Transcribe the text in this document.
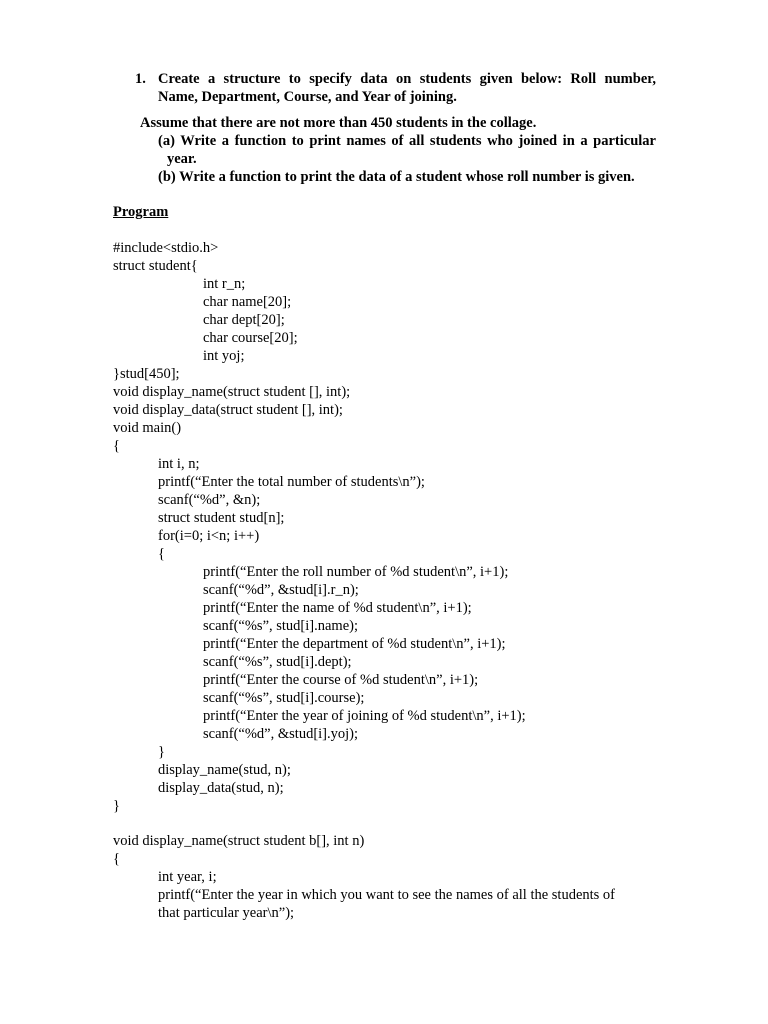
1. Create a structure to specify data on students given below: Roll number,
Name, Department, Course, and Year of joining.
Assume that there are not more than 450 students in the collage.
(a) Write a function to print names of all students who joined in a particular
year.
(b) Write a function to print the data of a student whose roll number is given.
Program
#include<stdio.h>
struct student{
int r_n;
char name[20];
char dept[20];
char course[20];
int yoj;
}stud[450];
void display_name(struct student [], int);
void display_data(struct student [], int);
void main()
{
int i, n;
printf(“Enter the total number of students\n”);
scanf(“%d”, &n);
struct student stud[n];
for(i=0; i<n; i++)
{
printf(“Enter the roll number of %d student\n”, i+1);
scanf(“%d”, &stud[i].r_n);
printf(“Enter the name of %d student\n”, i+1);
scanf(“%s”, stud[i].name);
printf(“Enter the department of %d student\n”, i+1);
scanf(“%s”, stud[i].dept);
printf(“Enter the course of %d student\n”, i+1);
scanf(“%s”, stud[i].course);
printf(“Enter the year of joining of %d student\n”, i+1);
scanf(“%d”, &stud[i].yoj);
}
display_name(stud, n);
display_data(stud, n);
}
void display_name(struct student b[], int n)
{
int year, i;
printf(“Enter the year in which you want to see the names of all the students of
that particular year\n”);
